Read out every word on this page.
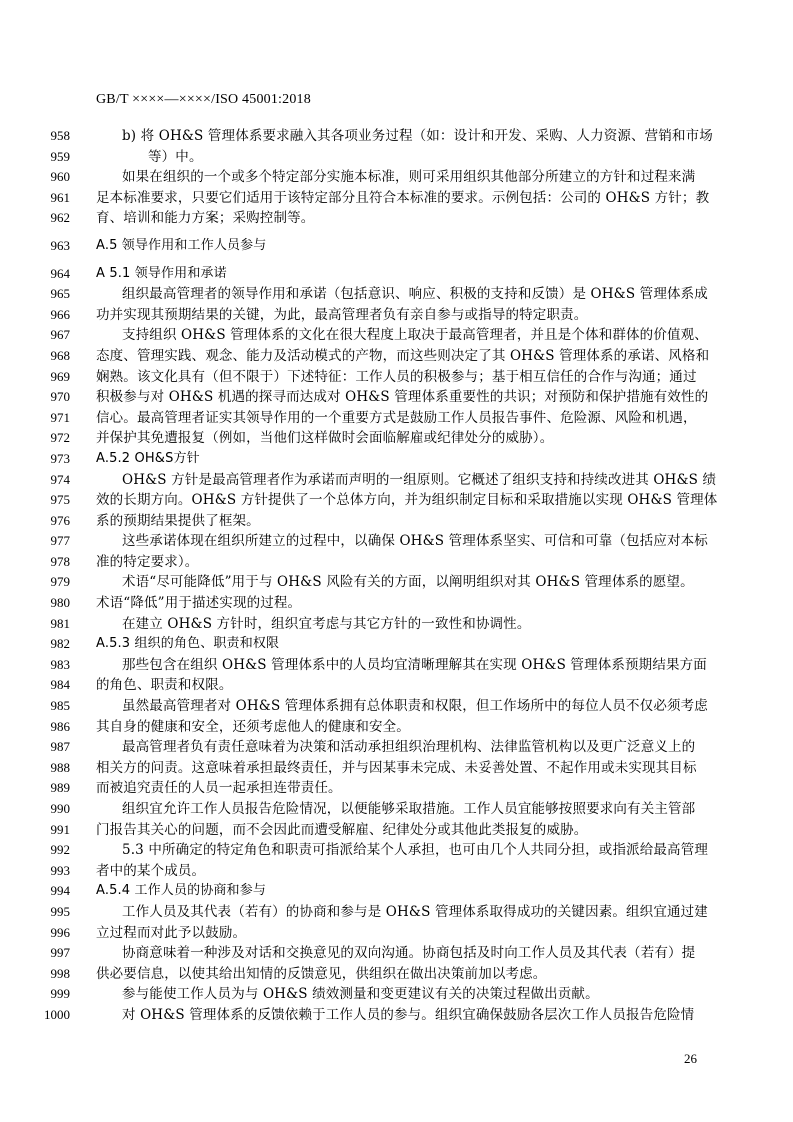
GB/T ××××—××××/ISO 45001:2018
958	b) 将 OH&S 管理体系要求融入其各项业务过程（如：设计和开发、采购、人力资源、营销和市场
959	等）中。
960	如果在组织的一个或多个特定部分实施本标准，则可采用组织其他部分所建立的方针和过程来满
961 足本标准要求，只要它们适用于该特定部分且符合本标准的要求。示例包括：公司的 OH&S 方针；教
962 育、培训和能力方案；采购控制等。
963 A.5 领导作用和工作人员参与
964 A 5.1 领导作用和承诺
965	组织最高管理者的领导作用和承诺（包括意识、响应、积极的支持和反馈）是 OH&S 管理体系成
966 功并实现其预期结果的关键，为此，最高管理者负有亲自参与或指导的特定职责。
967	支持组织 OH&S 管理体系的文化在很大程度上取决于最高管理者，并且是个体和群体的价值观、
968 态度、管理实践、观念、能力及活动模式的产物，而这些则决定了其 OH&S 管理体系的承诺、风格和
969 娴熟。该文化具有（但不限于）下述特征：工作人员的积极参与；基于相互信任的合作与沟通；通过
970 积极参与对 OH&S 机遇的探寻而达成对 OH&S 管理体系重要性的共识；对预防和保护措施有效性的
971 信心。最高管理者证实其领导作用的一个重要方式是鼓励工作人员报告事件、危险源、风险和机遇，
972 并保护其免遭报复（例如，当他们这样做时会面临解雇或纪律处分的威胁）。
973 A.5.2 OH&S方针
974	OH&S 方针是最高管理者作为承诺而声明的一组原则。它概述了组织支持和持续改进其 OH&S 绩
975 效的长期方向。OH&S 方针提供了一个总体方向，并为组织制定目标和采取措施以实现 OH&S 管理体
976 系的预期结果提供了框架。
977	这些承诺体现在组织所建立的过程中，以确保 OH&S 管理体系坚实、可信和可靠（包括应对本标
978 准的特定要求）。
979	术语“尽可能降低”用于与 OH&S 风险有关的方面，以阐明组织对其 OH&S 管理体系的愿望。
980 术语“降低”用于描述实现的过程。
981	在建立 OH&S 方针时，组织宜考虑与其它方针的一致性和协调性。
982 A.5.3 组织的角色、职责和权限
983	那些包含在组织 OH&S 管理体系中的人员均宜清晰理解其在实现 OH&S 管理体系预期结果方面
984 的角色、职责和权限。
985	虽然最高管理者对 OH&S 管理体系拥有总体职责和权限，但工作场所中的每位人员不仅必须考虑
986 其自身的健康和安全，还须考虑他人的健康和安全。
987	最高管理者负有责任意味着为决策和活动承担组织治理机构、法律监管机构以及更广泛意义上的
988 相关方的问责。这意味着承担最终责任，并与因某事未完成、未妥善处置、不起作用或未实现其目标
989 而被追究责任的人员一起承担连带责任。
990	组织宜允许工作人员报告危险情况，以便能够采取措施。工作人员宜能够按照要求向有关主管部
991 门报告其关心的问题，而不会因此而遭受解雇、纪律处分或其他此类报复的威胁。
992	5.3 中所确定的特定角色和职责可指派给某个人承担，也可由几个人共同分担，或指派给最高管理
993 者中的某个成员。
994 A.5.4 工作人员的协商和参与
995	工作人员及其代表（若有）的协商和参与是 OH&S 管理体系取得成功的关键因素。组织宜通过建
996 立过程而对此予以鼓励。
997	协商意味着一种涉及对话和交换意见的双向沟通。协商包括及时向工作人员及其代表（若有）提
998 供必要信息，以使其给出知情的反馈意见，供组织在做出决策前加以考虑。
999	参与能使工作人员为与 OH&S 绩效测量和变更建议有关的决策过程做出贡献。
1000	对 OH&S 管理体系的反馈依赖于工作人员的参与。组织宜确保鼓励各层次工作人员报告危险情
26
